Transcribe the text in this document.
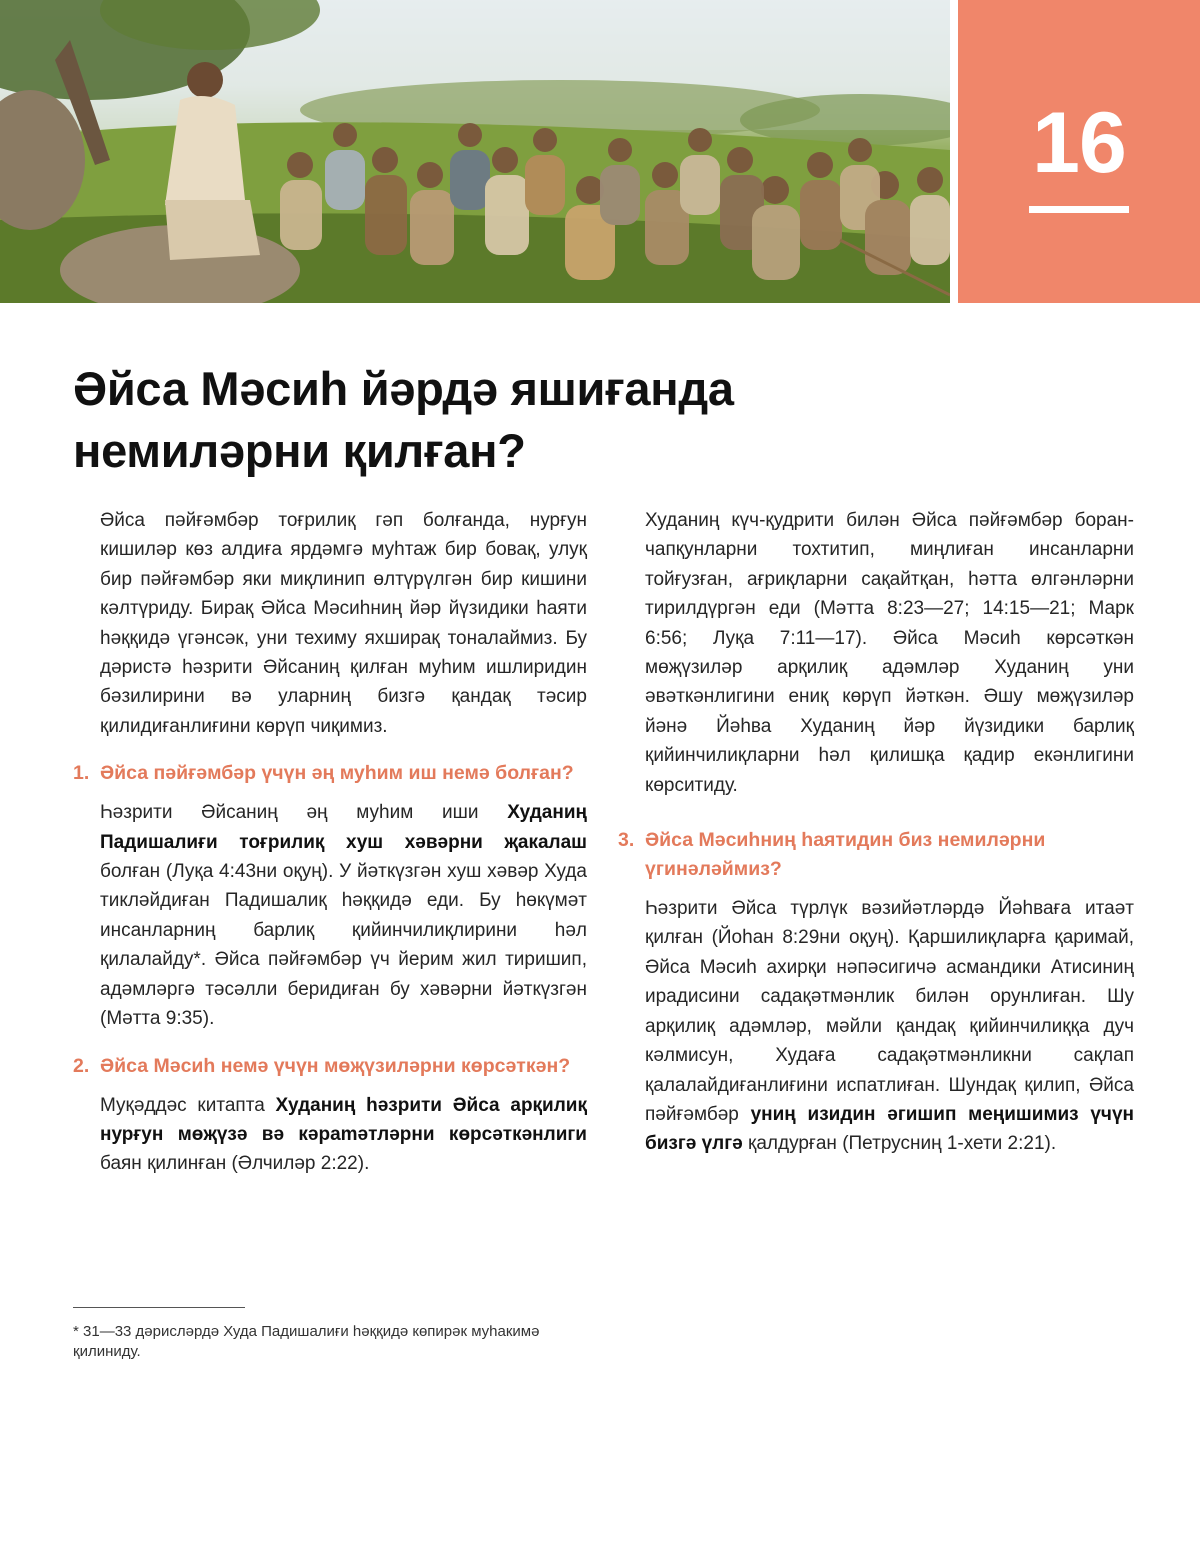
16
Әйса Мәсиһ йәрдә яшиғанда немиләрни қилған?

Әйса пәйғәмбәр тоғрилиқ гәп болғанда, нурғун кишиләр көз алдиға ярдәмгә муһтаж бир бовақ, улуқ бир пәйғәмбәр яки миқлинип өлтүрүлгән бир кишини кәлтүриду. Бирақ Әйса Мәсиһниң йәр йүзидики һаяти һәққидә үгәнсәк, уни техиму яхширақ тоналаймиз. Бу дәристә һәзрити Әйсаниң қилған муһим ишлиридин бәзилирини вә уларниң бизгә қандақ тәсир қилидиғанлиғини көрүп чиқимиз.

1. Әйса пәйғәмбәр үчүн әң муһим иш немә болған?

Һәзрити Әйсаниң әң муһим иши Худаниң Падишалиғи тоғрилиқ хуш хәвәрни җакалаш болған (Луқа 4:43ни оқуң). У йәткүзгән хуш хәвәр Худа тикләйдиған Падишалиқ һәққидә еди. Бу һөкүмәт инсанларниң барлиқ қийинчилиқлирини һәл қилалайду*. Әйса пәйғәмбәр үч йерим жил тиришип, адәмләргә тәсәлли беридиған бу хәвәрни йәткүзгән (Мәтта 9:35).

2. Әйса Мәсиһ немә үчүн мөҗүзиләрни көрсәткән?

Муқәддәс китапта Худаниң һәзрити Әйса арқилиқ нурғун мөҗүзә вә кәраmәтләрни көрсәткәнлиги баян қилинған (Әлчиләр 2:22).

Худаниң күч-қудрити билән Әйса пәйғәмбәр боран-чапқунларни тохтитип, миңлиған инсанларни тойғузған, ағриқларни сақайтқан, һәтта өлгәнләрни тирилдүргән еди (Мәтта 8:23—27; 14:15—21; Марк 6:56; Луқа 7:11—17). Әйса Мәсиһ көрсәткән мөҗүзиләр арқилиқ адәмләр Худаниң уни әвәткәнлигини ениқ көрүп йәткән. Әшу мөҗүзиләр йәнә Йәһва Худаниң йәр йүзидики барлиқ қийинчилиқларни һәл қилишқа қадир екәнлигини көрситиду.

3. Әйса Мәсиһниң һаятидин биз немиләрни үгинәләймиз?

Һәзрити Әйса түрлүк вәзийәтләрдә Йәһваға итаәт қилған (Йоһан 8:29ни оқуң). Қаршилиқларға қаримай, Әйса Мәсиһ ахирқи нәпәсигичә асмандики Атисиниң ирадисини садақәтмәнлик билән орунлиған. Шу арқилиқ адәмләр, мәйли қандақ қийинчилиққа дуч кәлмисун, Худаға садақәтмәнликни сақлап қалалайдиғанлиғини испатлиған. Шундақ қилип, Әйса пәйғәмбәр униң изидин әгишип меңишимиз үчүн бизгә үлгә қалдурған (Петрусниң 1-хети 2:21).

* 31—33 дәрисләрдә Худа Падишалиғи һәққидә көпирәк муһакимә қилиниду.
